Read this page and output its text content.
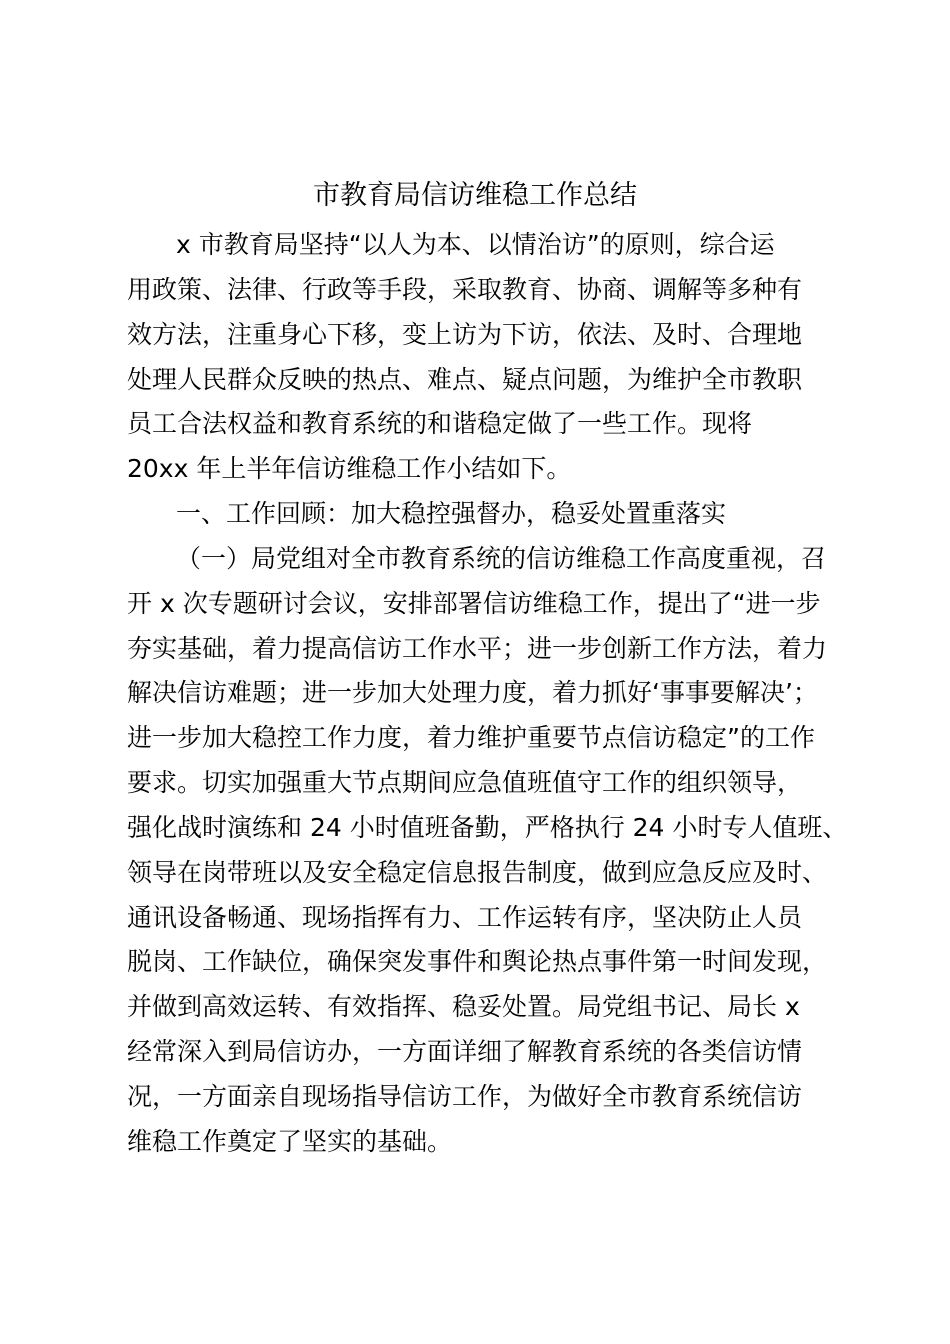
市教育局信访维稳工作总结
x 市教育局坚持“以人为本、以情治访”的原则，综合运
用政策、法律、行政等手段，采取教育、协商、调解等多种有
效方法，注重身心下移，变上访为下访，依法、及时、合理地
处理人民群众反映的热点、难点、疑点问题，为维护全市教职
员工合法权益和教育系统的和谐稳定做了一些工作。现将
20xx 年上半年信访维稳工作小结如下。
一、工作回顾：加大稳控强督办，稳妥处置重落实
（一）局党组对全市教育系统的信访维稳工作高度重视，召
开 x 次专题研讨会议，安排部署信访维稳工作，提出了“进一步
夯实基础，着力提高信访工作水平；进一步创新工作方法，着力
解决信访难题；进一步加大处理力度，着力抓好‘事事要解决’；
进一步加大稳控工作力度，着力维护重要节点信访稳定”的工作
要求。切实加强重大节点期间应急值班值守工作的组织领导，
强化战时演练和 24 小时值班备勤，严格执行 24 小时专人值班、
领导在岗带班以及安全稳定信息报告制度，做到应急反应及时、
通讯设备畅通、现场指挥有力、工作运转有序，坚决防止人员
脱岗、工作缺位，确保突发事件和舆论热点事件第一时间发现，
并做到高效运转、有效指挥、稳妥处置。局党组书记、局长 x
经常深入到局信访办，一方面详细了解教育系统的各类信访情
况，一方面亲自现场指导信访工作，为做好全市教育系统信访
维稳工作奠定了坚实的基础。
